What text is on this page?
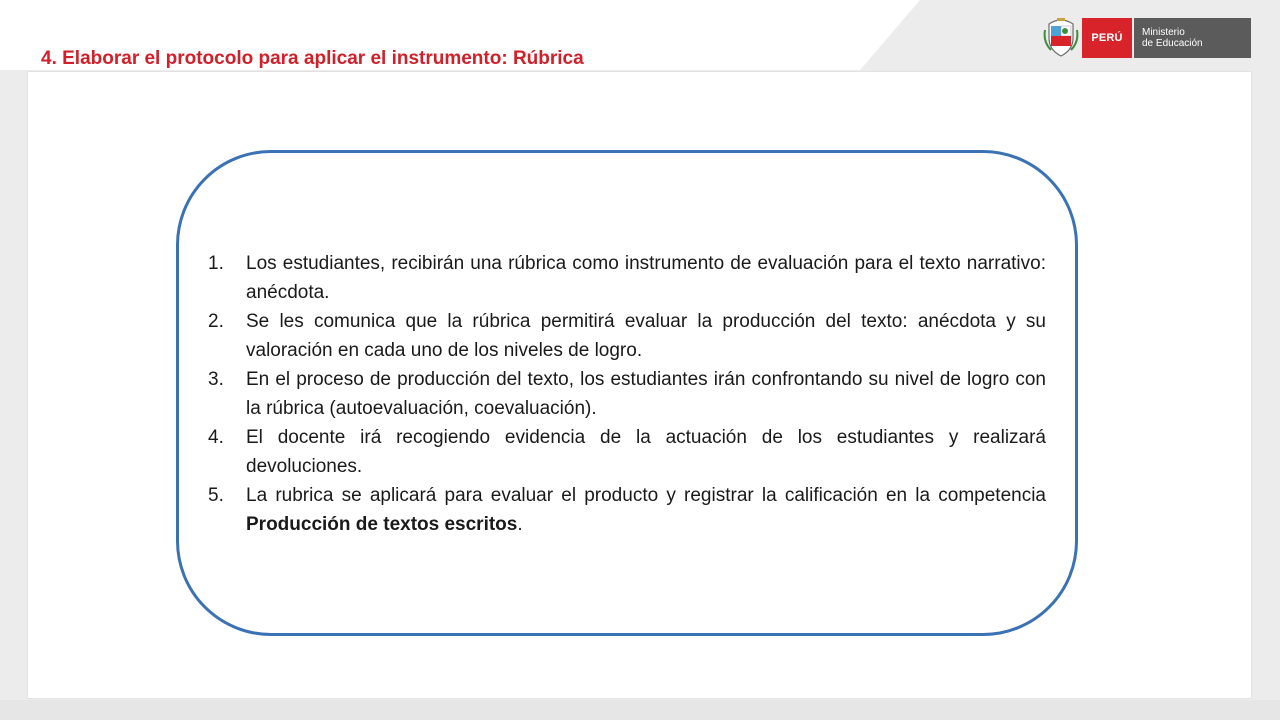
4. Elaborar el protocolo para aplicar el instrumento: Rúbrica
PERÚ	Ministerio
de Educación
1. Los estudiantes, recibirán una rúbrica como instrumento de evaluación para el texto narrativo: anécdota.
2. Se les comunica que la rúbrica permitirá evaluar la producción del texto: anécdota y su valoración en cada uno de los niveles de logro.
3. En el proceso de producción del texto, los estudiantes irán confrontando su nivel de logro con la rúbrica (autoevaluación, coevaluación).
4. El docente irá recogiendo evidencia de la actuación de los estudiantes y realizará devoluciones.
5. La rubrica se aplicará para evaluar el producto y registrar la calificación en la competencia Producción de textos escritos.
